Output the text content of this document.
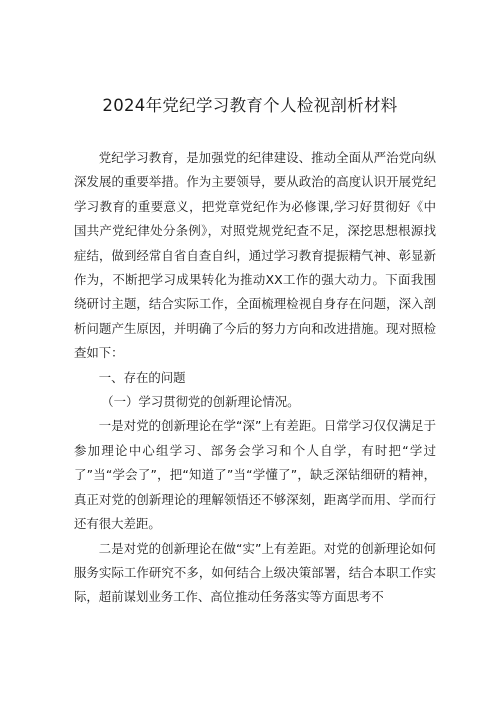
2024年党纪学习教育个人检视剖析材料

党纪学习教育，是加强党的纪律建设、推动全面从严治党向纵深发展的重要举措。作为主要领导，要从政治的高度认识开展党纪学习教育的重要意义，把党章党纪作为必修课,学习好贯彻好《中国共产党纪律处分条例》，对照党规党纪查不足，深挖思想根源找症结，做到经常自省自查自纠，通过学习教育提振精气神、彰显新作为，不断把学习成果转化为推动XX工作的强大动力。下面我围绕研讨主题，结合实际工作，全面梳理检视自身存在问题，深入剖析问题产生原因，并明确了今后的努力方向和改进措施。现对照检查如下：

一、存在的问题

（一）学习贯彻党的创新理论情况。

一是对党的创新理论在学“深”上有差距。日常学习仅仅满足于参加理论中心组学习、部务会学习和个人自学，有时把“学过了”当“学会了”，把“知道了”当“学懂了”，缺乏深钻细研的精神，真正对党的创新理论的理解领悟还不够深刻，距离学而用、学而行还有很大差距。

二是对党的创新理论在做“实”上有差距。对党的创新理论如何服务实际工作研究不多，如何结合上级决策部署，结合本职工作实际，超前谋划业务工作、高位推动任务落实等方面思考不
